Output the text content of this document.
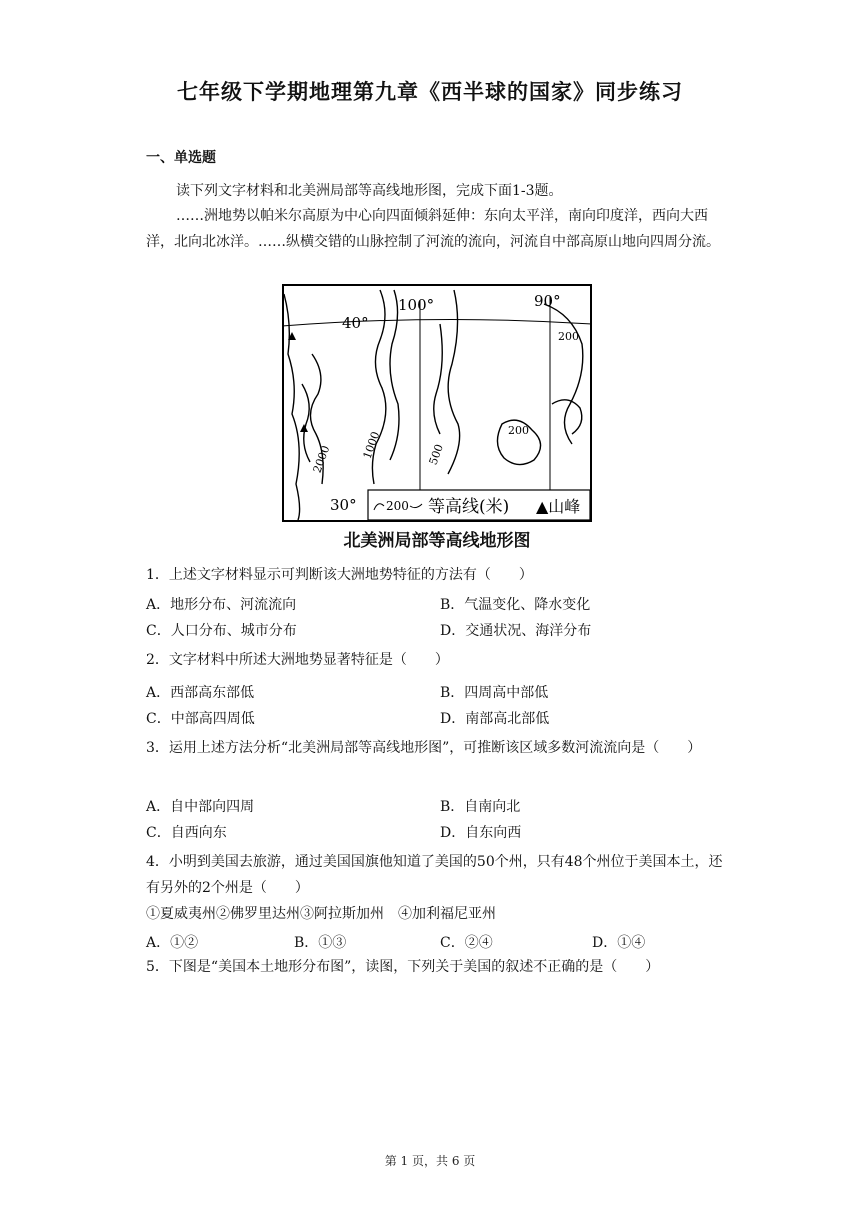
七年级下学期地理第九章《西半球的国家》同步练习
一、单选题
读下列文字材料和北美洲局部等高线地形图，完成下面1-3题。
……洲地势以帕米尔高原为中心向四面倾斜延伸：东向太平洋，南向印度洋，西向大西洋，北向北冰洋。……纵横交错的山脉控制了河流的流向，河流自中部高原山地向四周分流。
40°
100°	90°
30°
200
200
500
1000
2000
200 等高线(米) ▲山峰
北美洲局部等高线地形图
1．上述文字材料显示可判断该大洲地势特征的方法有（　　）
A．地形分布、河流流向	B．气温变化、降水变化
C．人口分布、城市分布	D．交通状况、海洋分布
2．文字材料中所述大洲地势显著特征是（　　）
A．西部高东部低	B．四周高中部低
C．中部高四周低	D．南部高北部低
3．运用上述方法分析“北美洲局部等高线地形图”，可推断该区域多数河流流向是（　　）
A．自中部向四周	B．自南向北
C．自西向东	D．自东向西
4．小明到美国去旅游，通过美国国旗他知道了美国的50个州，只有48个州位于美国本土，还有另外的2个州是（　　）
①夏威夷州②佛罗里达州③阿拉斯加州　④加利福尼亚州
A．①②	B．①③	C．②④	D．①④
5．下图是“美国本土地形分布图”，读图，下列关于美国的叙述不正确的是（　　）
第 1 页，共 6 页
